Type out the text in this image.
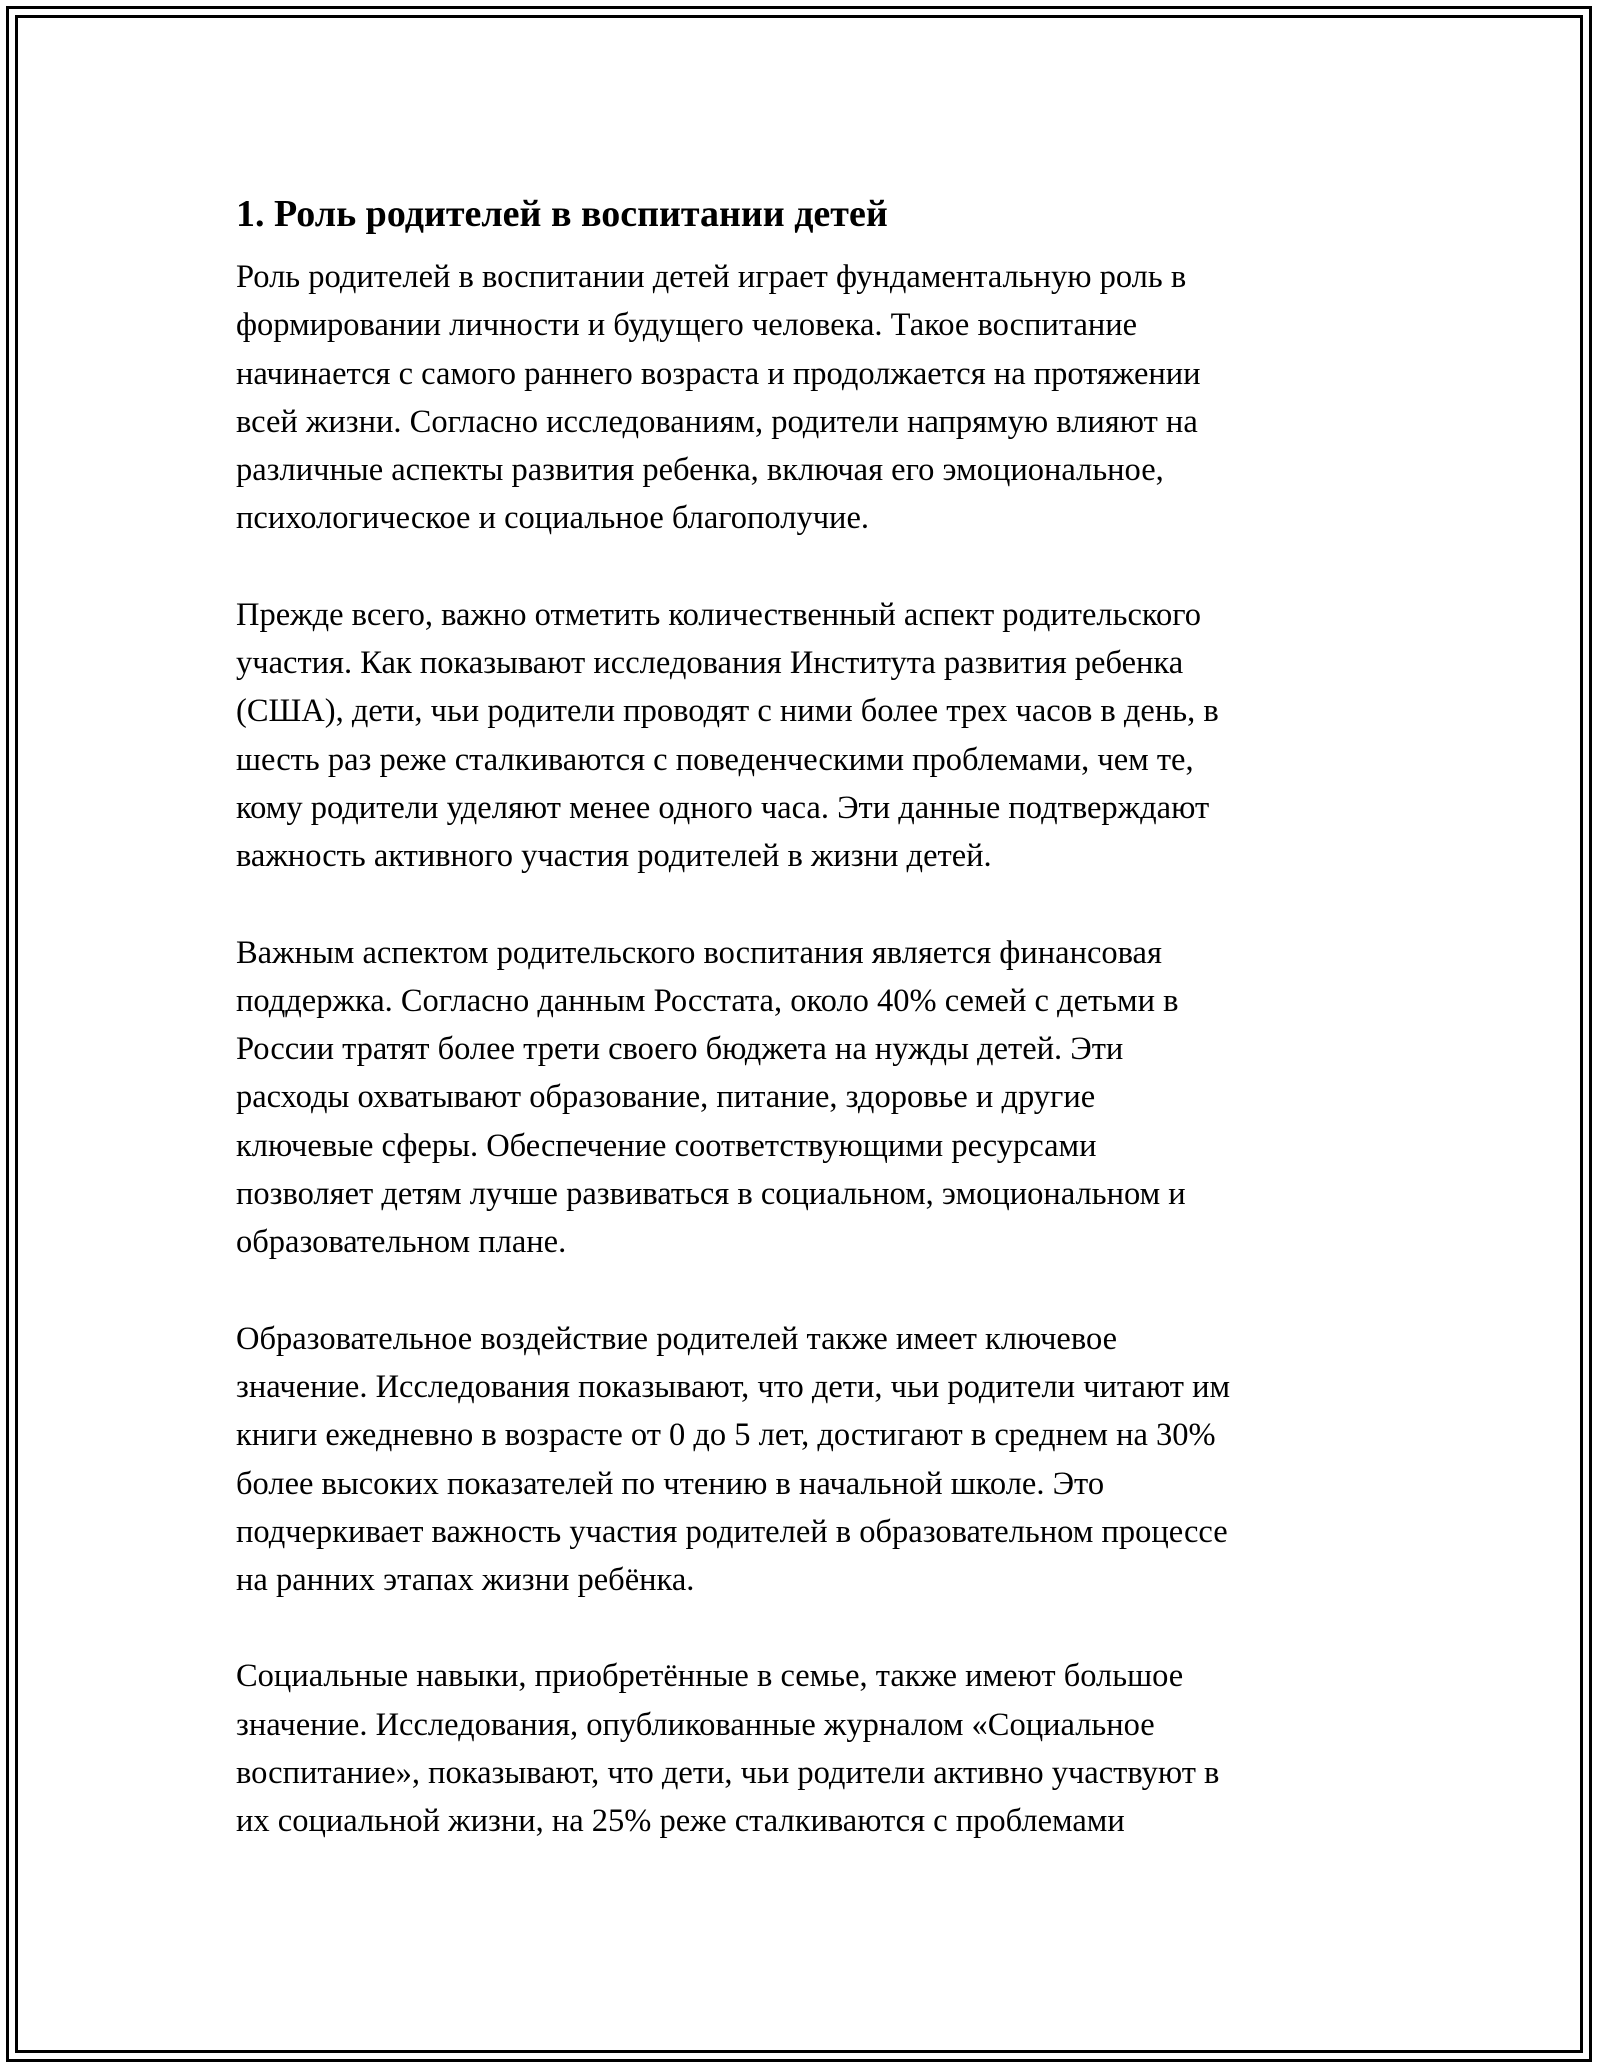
1. Роль родителей в воспитании детей

Роль родителей в воспитании детей играет фундаментальную роль в
формировании личности и будущего человека. Такое воспитание
начинается с самого раннего возраста и продолжается на протяжении
всей жизни. Согласно исследованиям, родители напрямую влияют на
различные аспекты развития ребенка, включая его эмоциональное,
психологическое и социальное благополучие.

Прежде всего, важно отметить количественный аспект родительского
участия. Как показывают исследования Института развития ребенка
(США), дети, чьи родители проводят с ними более трех часов в день, в
шесть раз реже сталкиваются с поведенческими проблемами, чем те,
кому родители уделяют менее одного часа. Эти данные подтверждают
важность активного участия родителей в жизни детей.

Важным аспектом родительского воспитания является финансовая
поддержка. Согласно данным Росстата, около 40% семей с детьми в
России тратят более трети своего бюджета на нужды детей. Эти
расходы охватывают образование, питание, здоровье и другие
ключевые сферы. Обеспечение соответствующими ресурсами
позволяет детям лучше развиваться в социальном, эмоциональном и
образовательном плане.

Образовательное воздействие родителей также имеет ключевое
значение. Исследования показывают, что дети, чьи родители читают им
книги ежедневно в возрасте от 0 до 5 лет, достигают в среднем на 30%
более высоких показателей по чтению в начальной школе. Это
подчеркивает важность участия родителей в образовательном процессе
на ранних этапах жизни ребёнка.

Социальные навыки, приобретённые в семье, также имеют большое
значение. Исследования, опубликованные журналом «Социальное
воспитание», показывают, что дети, чьи родители активно участвуют в
их социальной жизни, на 25% реже сталкиваются с проблемами
